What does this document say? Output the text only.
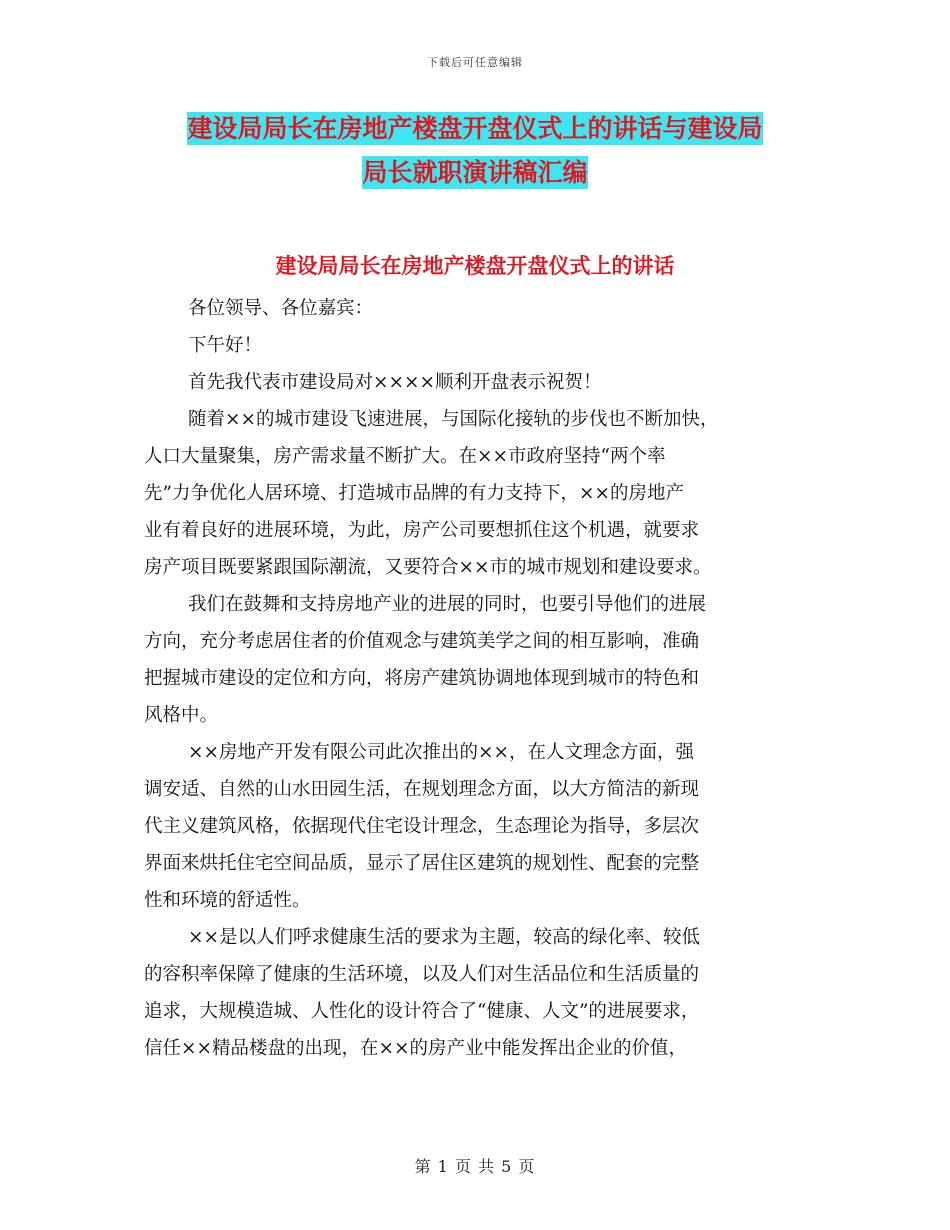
下载后可任意编辑
建设局局长在房地产楼盘开盘仪式上的讲话与建设局
局长就职演讲稿汇编
建设局局长在房地产楼盘开盘仪式上的讲话
各位领导、各位嘉宾：
下午好！
首先我代表市建设局对××××顺利开盘表示祝贺！
随着××的城市建设飞速进展，与国际化接轨的步伐也不断加快，
人口大量聚集，房产需求量不断扩大。在××市政府坚持“两个率
先”力争优化人居环境、打造城市品牌的有力支持下，××的房地产
业有着良好的进展环境，为此，房产公司要想抓住这个机遇，就要求
房产项目既要紧跟国际潮流，又要符合××市的城市规划和建设要求。
我们在鼓舞和支持房地产业的进展的同时，也要引导他们的进展
方向，充分考虑居住者的价值观念与建筑美学之间的相互影响，准确
把握城市建设的定位和方向，将房产建筑协调地体现到城市的特色和
风格中。
××房地产开发有限公司此次推出的××，在人文理念方面，强
调安适、自然的山水田园生活，在规划理念方面，以大方简洁的新现
代主义建筑风格，依据现代住宅设计理念，生态理论为指导，多层次
界面来烘托住宅空间品质，显示了居住区建筑的规划性、配套的完整
性和环境的舒适性。
××是以人们呼求健康生活的要求为主题，较高的绿化率、较低
的容积率保障了健康的生活环境，以及人们对生活品位和生活质量的
追求，大规模造城、人性化的设计符合了“健康、人文”的进展要求，
信任××精品楼盘的出现，在××的房产业中能发挥出企业的价值，
第 1 页 共 5 页
